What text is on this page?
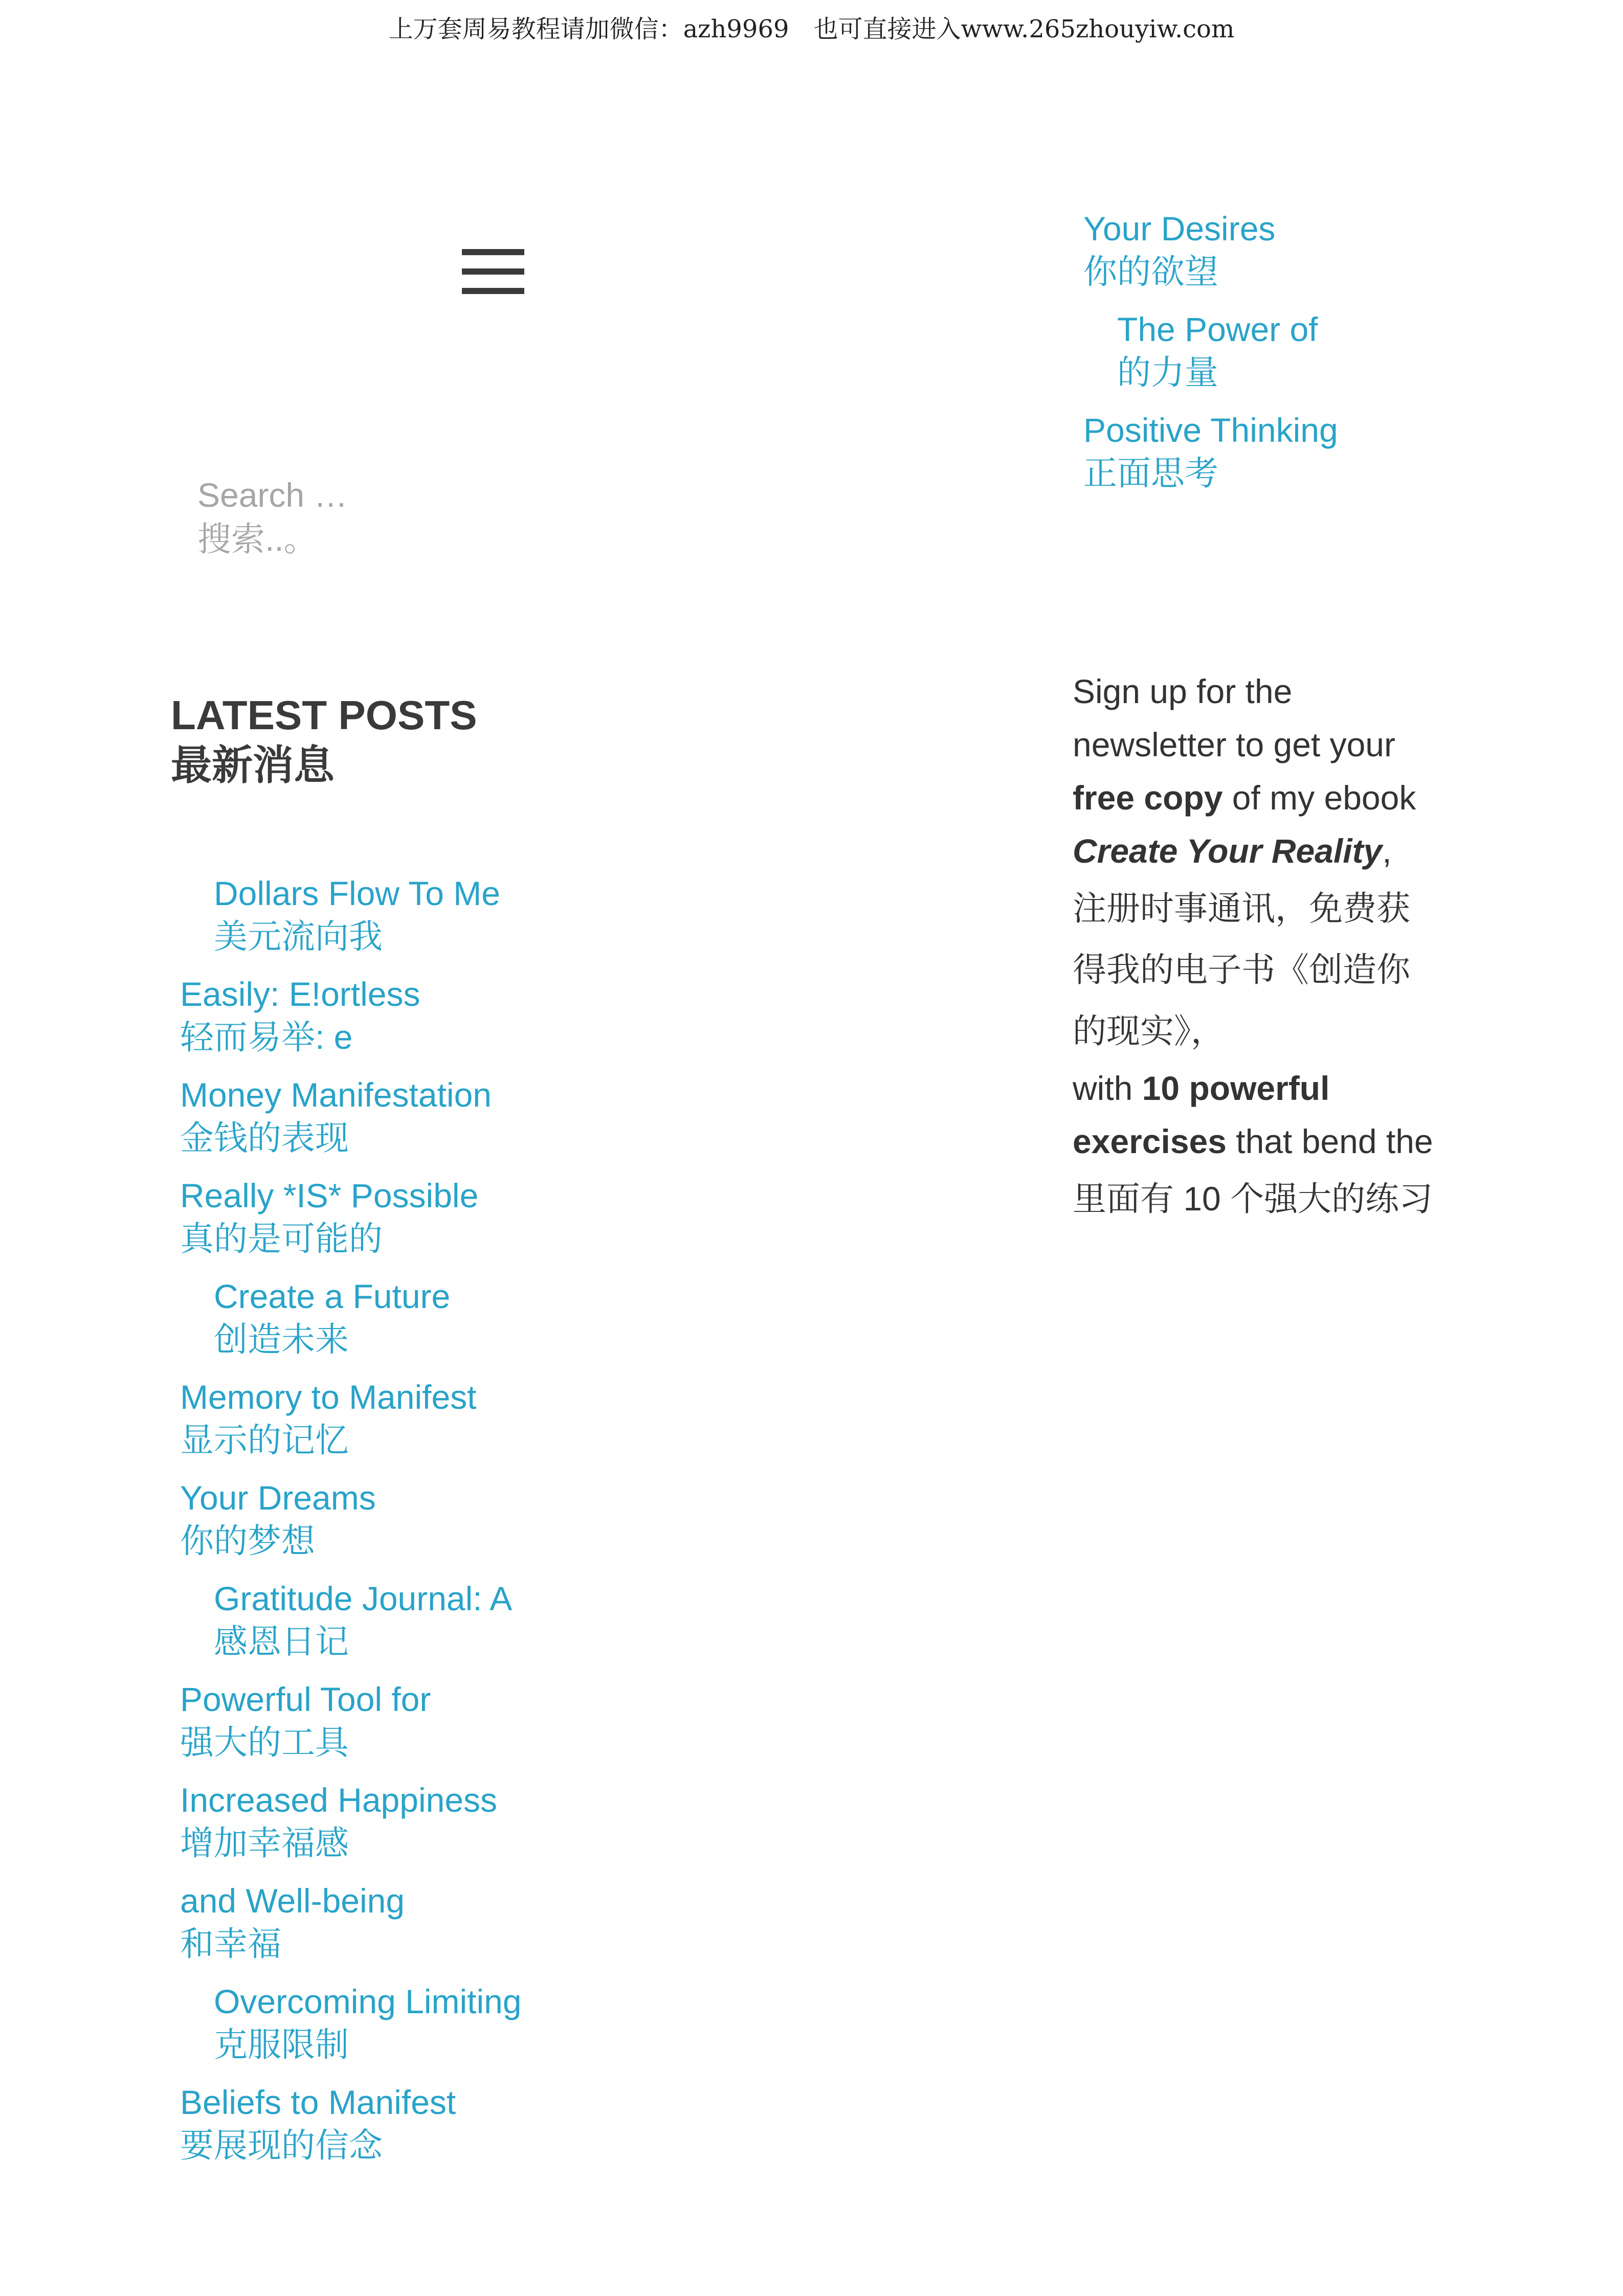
上万套周易教程请加微信：azh9969　也可直接进入www.265zhouyiw.com
Search …
搜索..。
LATEST POSTS
最新消息
Dollars Flow To Me
美元流向我
Easily: E!ortless
轻而易举: e
Money Manifestation
金钱的表现
Really *IS* Possible
真的是可能的
Create a Future
创造未来
Memory to Manifest
显示的记忆
Your Dreams
你的梦想
Gratitude Journal: A
感恩日记
Powerful Tool for
强大的工具
Increased Happiness
增加幸福感
and Well-being
和幸福
Overcoming Limiting
克服限制
Beliefs to Manifest
要展现的信念
Your Desires
你的欲望
The Power of
的力量
Positive Thinking
正面思考
Sign up for the
newsletter to get your
free copy of my ebook
Create Your Reality,
注册时事通讯，免费获
得我的电子书《创造你
的现实》，
with 10 powerful
exercises that bend the
里面有 10 个强大的练习
